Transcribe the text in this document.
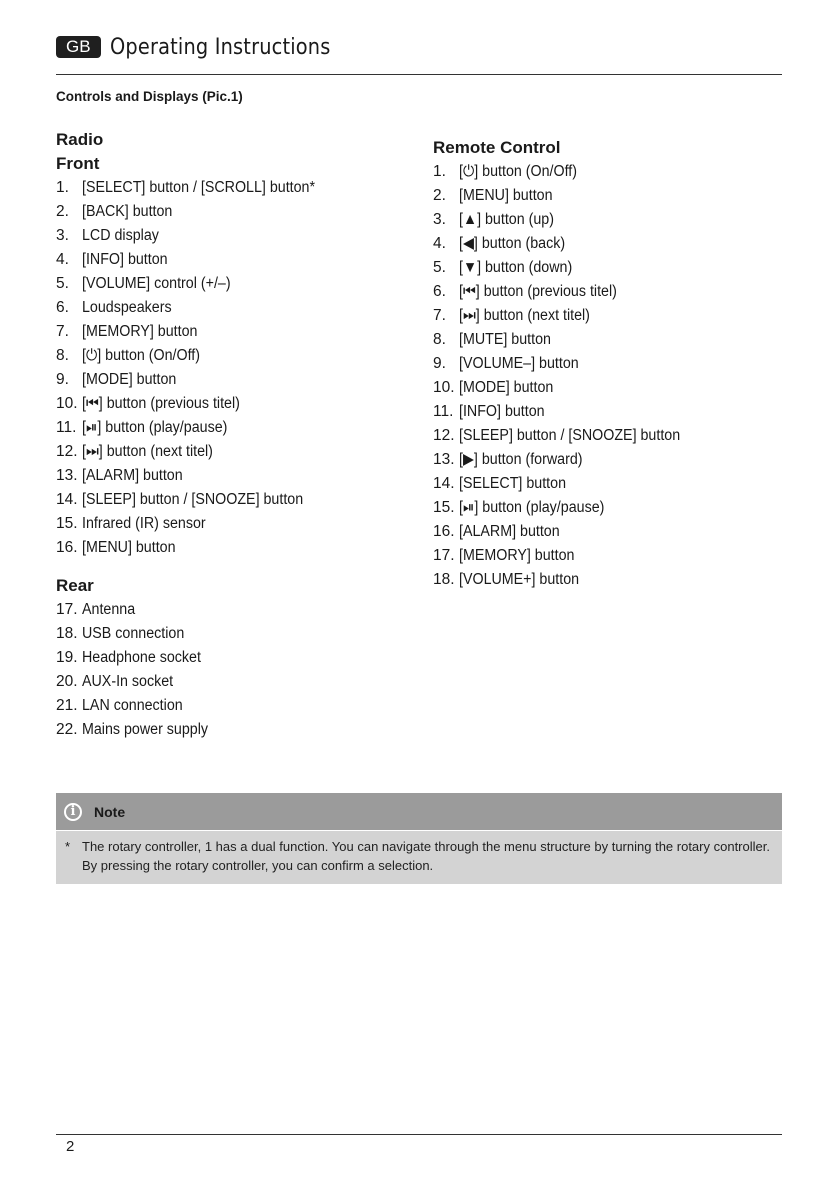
GB Operating Instructions
Controls and Displays (Pic.1)
Radio
Front
1. [SELECT] button / [SCROLL] button*
2. [BACK] button
3. LCD display
4. [INFO] button
5. [VOLUME] control (+/–)
6. Loudspeakers
7. [MEMORY] button
8. [⏻] button (On/Off)
9. [MODE] button
10. [⏮] button (previous titel)
11. [⏯] button (play/pause)
12. [⏭] button (next titel)
13. [ALARM] button
14. [SLEEP] button / [SNOOZE] button
15. Infrared (IR) sensor
16. [MENU] button
Rear
17. Antenna
18. USB connection
19. Headphone socket
20. AUX-In socket
21. LAN connection
22. Mains power supply
Remote Control
1. [⏻] button (On/Off)
2. [MENU] button
3. [▲] button (up)
4. [◀] button (back)
5. [▼] button (down)
6. [⏮] button (previous titel)
7. [⏭] button (next titel)
8. [MUTE] button
9. [VOLUME–] button
10. [MODE] button
11. [INFO] button
12. [SLEEP] button / [SNOOZE] button
13. [▶] button (forward)
14. [SELECT] button
15. [⏯] button (play/pause)
16. [ALARM] button
17. [MEMORY] button
18. [VOLUME+] button
i	Note
* The rotary controller, 1 has a dual function. You can navigate through the menu structure by turning the rotary controller. By pressing the rotary controller, you can confirm a selection.
2
